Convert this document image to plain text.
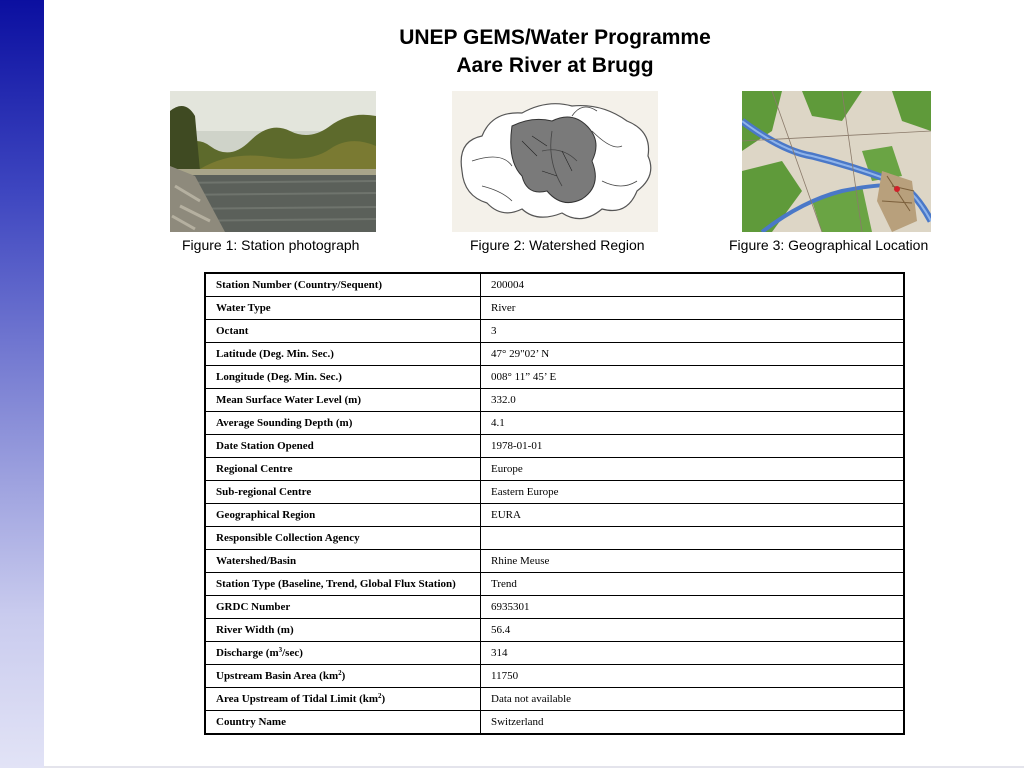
UNEP GEMS/Water Programme
Aare River at Brugg
Figure 1: Station photograph	Figure 2: Watershed Region	Figure 3: Geographical Location
Station Number (Country/Sequent)	200004
Water Type	River
Octant	3
Latitude (Deg. Min. Sec.)	47° 29"02’ N
Longitude (Deg. Min. Sec.)	008° 11” 45’ E
Mean Surface Water Level (m)	332.0
Average Sounding Depth (m)	4.1
Date Station Opened	1978-01-01
Regional Centre	Europe
Sub-regional Centre	Eastern Europe
Geographical Region	EURA
Responsible Collection Agency	
Watershed/Basin	Rhine Meuse
Station Type (Baseline, Trend, Global Flux Station)	Trend
GRDC Number	6935301
River Width (m)	56.4
Discharge $(m^3/\sec)$	314
Upstream Basin Area $(km^2)$	11750
Area Upstream of Tidal Limit $(km^2)$	Data not available
Country Name	Switzerland
